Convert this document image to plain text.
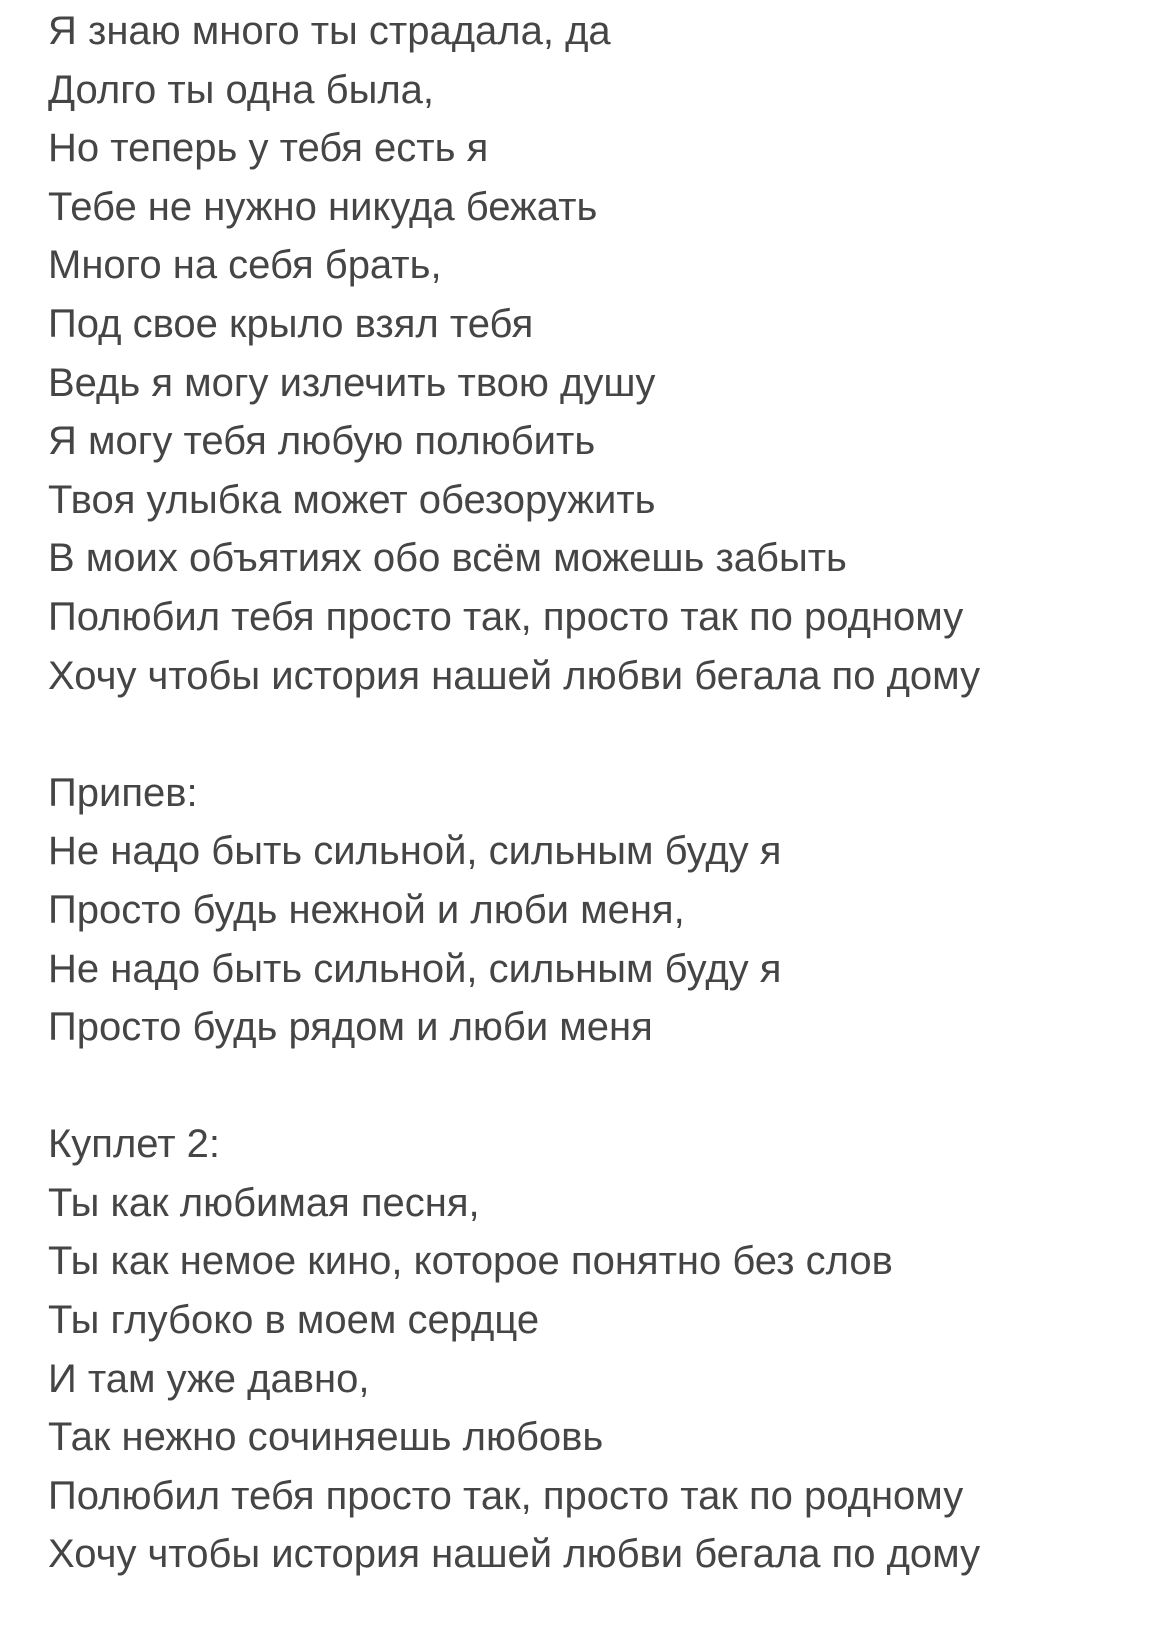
Я знаю много ты страдала, да
Долго ты одна была,
Но теперь у тебя есть я
Тебе не нужно никуда бежать
Много на себя брать,
Под свое крыло взял тебя
Ведь я могу излечить твою душу
Я могу тебя любую полюбить
Твоя улыбка может обезоружить
В моих объятиях обо всём можешь забыть
Полюбил тебя просто так, просто так по родному
Хочу чтобы история нашей любви бегала по дому
Припев:
Не надо быть сильной, сильным буду я
Просто будь нежной и люби меня,
Не надо быть сильной, сильным буду я
Просто будь рядом и люби меня
Куплет 2:
Ты как любимая песня,
Ты как немое кино, которое понятно без слов
Ты глубоко в моем сердце
И там уже давно,
Так нежно сочиняешь любовь
Полюбил тебя просто так, просто так по родному
Хочу чтобы история нашей любви бегала по дому
